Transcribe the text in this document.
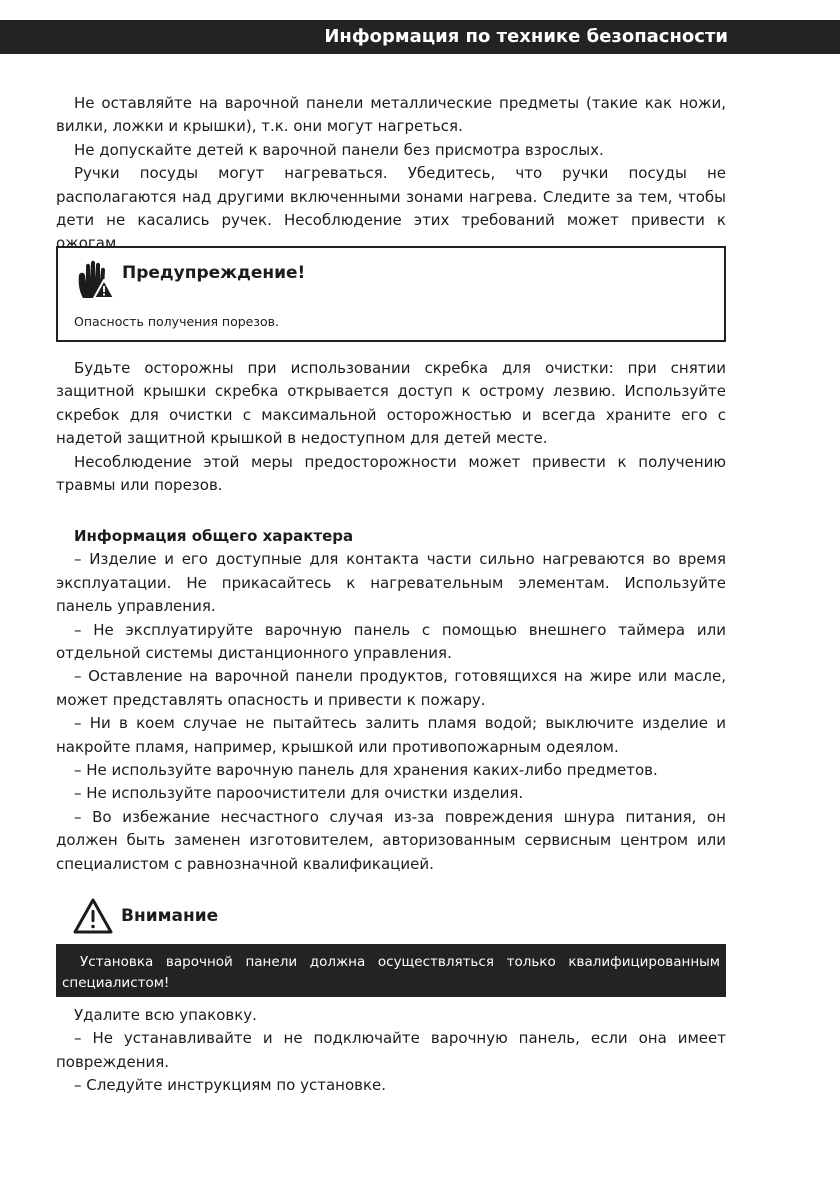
Информация по технике безопасности

Не оставляйте на варочной панели металлические предметы (такие как ножи, вилки, ложки и крышки), т.к. они могут нагреться.

Не допускайте детей к варочной панели без присмотра взрослых.

Ручки посуды могут нагреваться. Убедитесь, что ручки посуды не располагаются над другими включенными зонами нагрева. Следите за тем, чтобы дети не касались ручек. Несоблюдение этих требований может привести к ожогам.

Предупреждение!
Опасность получения порезов.

Будьте осторожны при использовании скребка для очистки: при снятии защитной крышки скребка открывается доступ к острому лезвию. Используйте скребок для очистки с максимальной осторожностью и всегда храните его с надетой защитной крышкой в недоступном для детей месте.

Несоблюдение этой меры предосторожности может привести к получению травмы или порезов.

Информация общего характера

– Изделие и его доступные для контакта части сильно нагреваются во время эксплуатации. Не прикасайтесь к нагревательным элементам. Используйте панель управления.

– Не эксплуатируйте варочную панель с помощью внешнего таймера или отдельной системы дистанционного управления.

– Оставление на варочной панели продуктов, готовящихся на жире или масле, может представлять опасность и привести к пожару.

– Ни в коем случае не пытайтесь залить пламя водой; выключите изделие и накройте пламя, например, крышкой или противопожарным одеялом.

– Не используйте варочную панель для хранения каких-либо предметов.

– Не используйте пароочистители для очистки изделия.

– Во избежание несчастного случая из-за повреждения шнура питания, он должен быть заменен изготовителем, авторизованным сервисным центром или специалистом с равнозначной квалификацией.

Внимание

Установка варочной панели должна осуществляться только квалифицированным специалистом!

Удалите всю упаковку.

– Не устанавливайте и не подключайте варочную панель, если она имеет повреждения.

– Следуйте инструкциям по установке.
